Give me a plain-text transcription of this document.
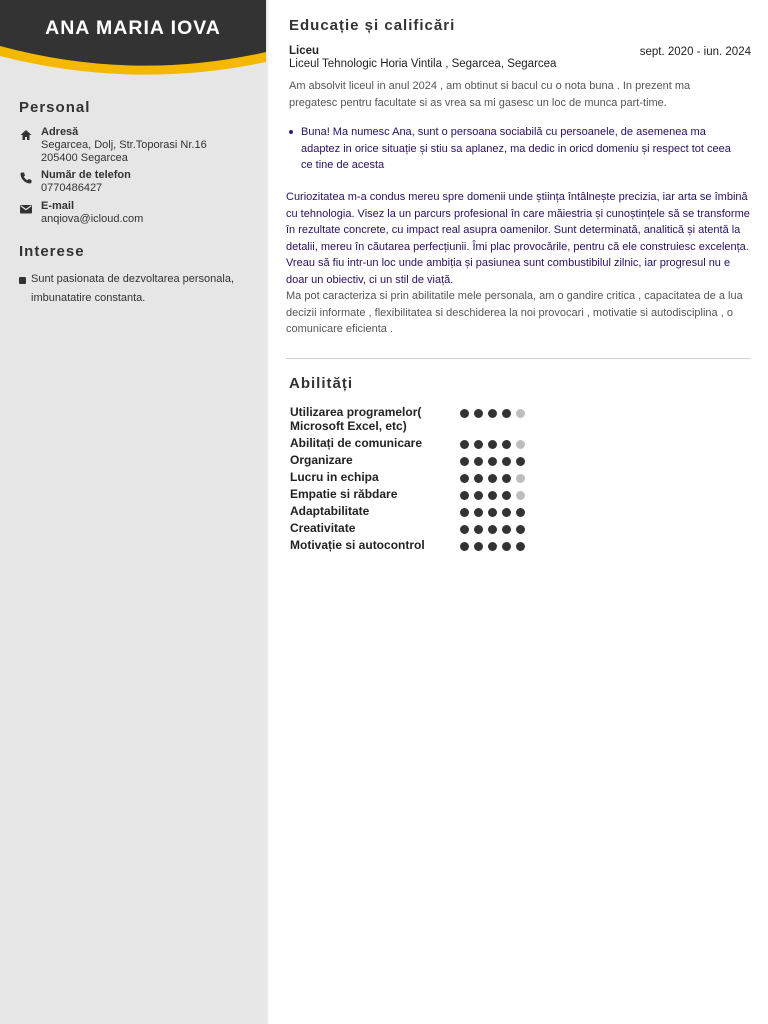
ANA MARIA IOVA
Personal
Adresă
Segarcea, Dolj, Str.Toporasi Nr.16
205400 Segarcea
Număr de telefon
0770486427
E-mail
anqiova@icloud.com
Interese
Sunt pasionata de dezvoltarea personala, imbunatatire constanta.
Educație și calificări
Liceu
Liceul Tehnologic Horia Vintila , Segarcea, Segarcea
sept. 2020 - iun. 2024
Am absolvit liceul in anul 2024 , am obtinut si bacul cu o nota buna . In prezent ma pregatesc pentru facultate si as vrea sa mi gasesc un loc de munca part-time.
Buna! Ma numesc Ana, sunt o persoana sociabilă cu persoanele, de asemenea ma adaptez in orice situație și stiu sa aplanez, ma dedic in oricd domeniu și respect tot ceea ce tine de acesta
Curiozitatea m-a condus mereu spre domenii unde știința întâlnește precizia, iar arta se îmbină cu tehnologia. Visez la un parcurs profesional în care măiestria și cunoștințele să se transforme în rezultate concrete, cu impact real asupra oamenilor. Sunt determinată, analitică și atentă la detalii, mereu în căutarea perfecțiunii. Îmi plac provocările, pentru că ele construiesc excelența. Vreau să fiu intr-un loc unde ambiția și pasiunea sunt combustibilul zilnic, iar progresul nu e doar un obiectiv, ci un stil de viață.
Ma pot caracteriza si prin abilitatile mele personala, am o gandire critica , capacitatea de a lua decizii informate , flexibilitatea si deschiderea la noi provocari , motivatie si autodisciplina , o comunicare eficienta .
Abilități
Utilizarea programelor( Microsoft Excel, etc)
Abilitați de comunicare
Organizare
Lucru in echipa
Empatie si răbdare
Adaptabilitate
Creativitate
Motivație si autocontrol
